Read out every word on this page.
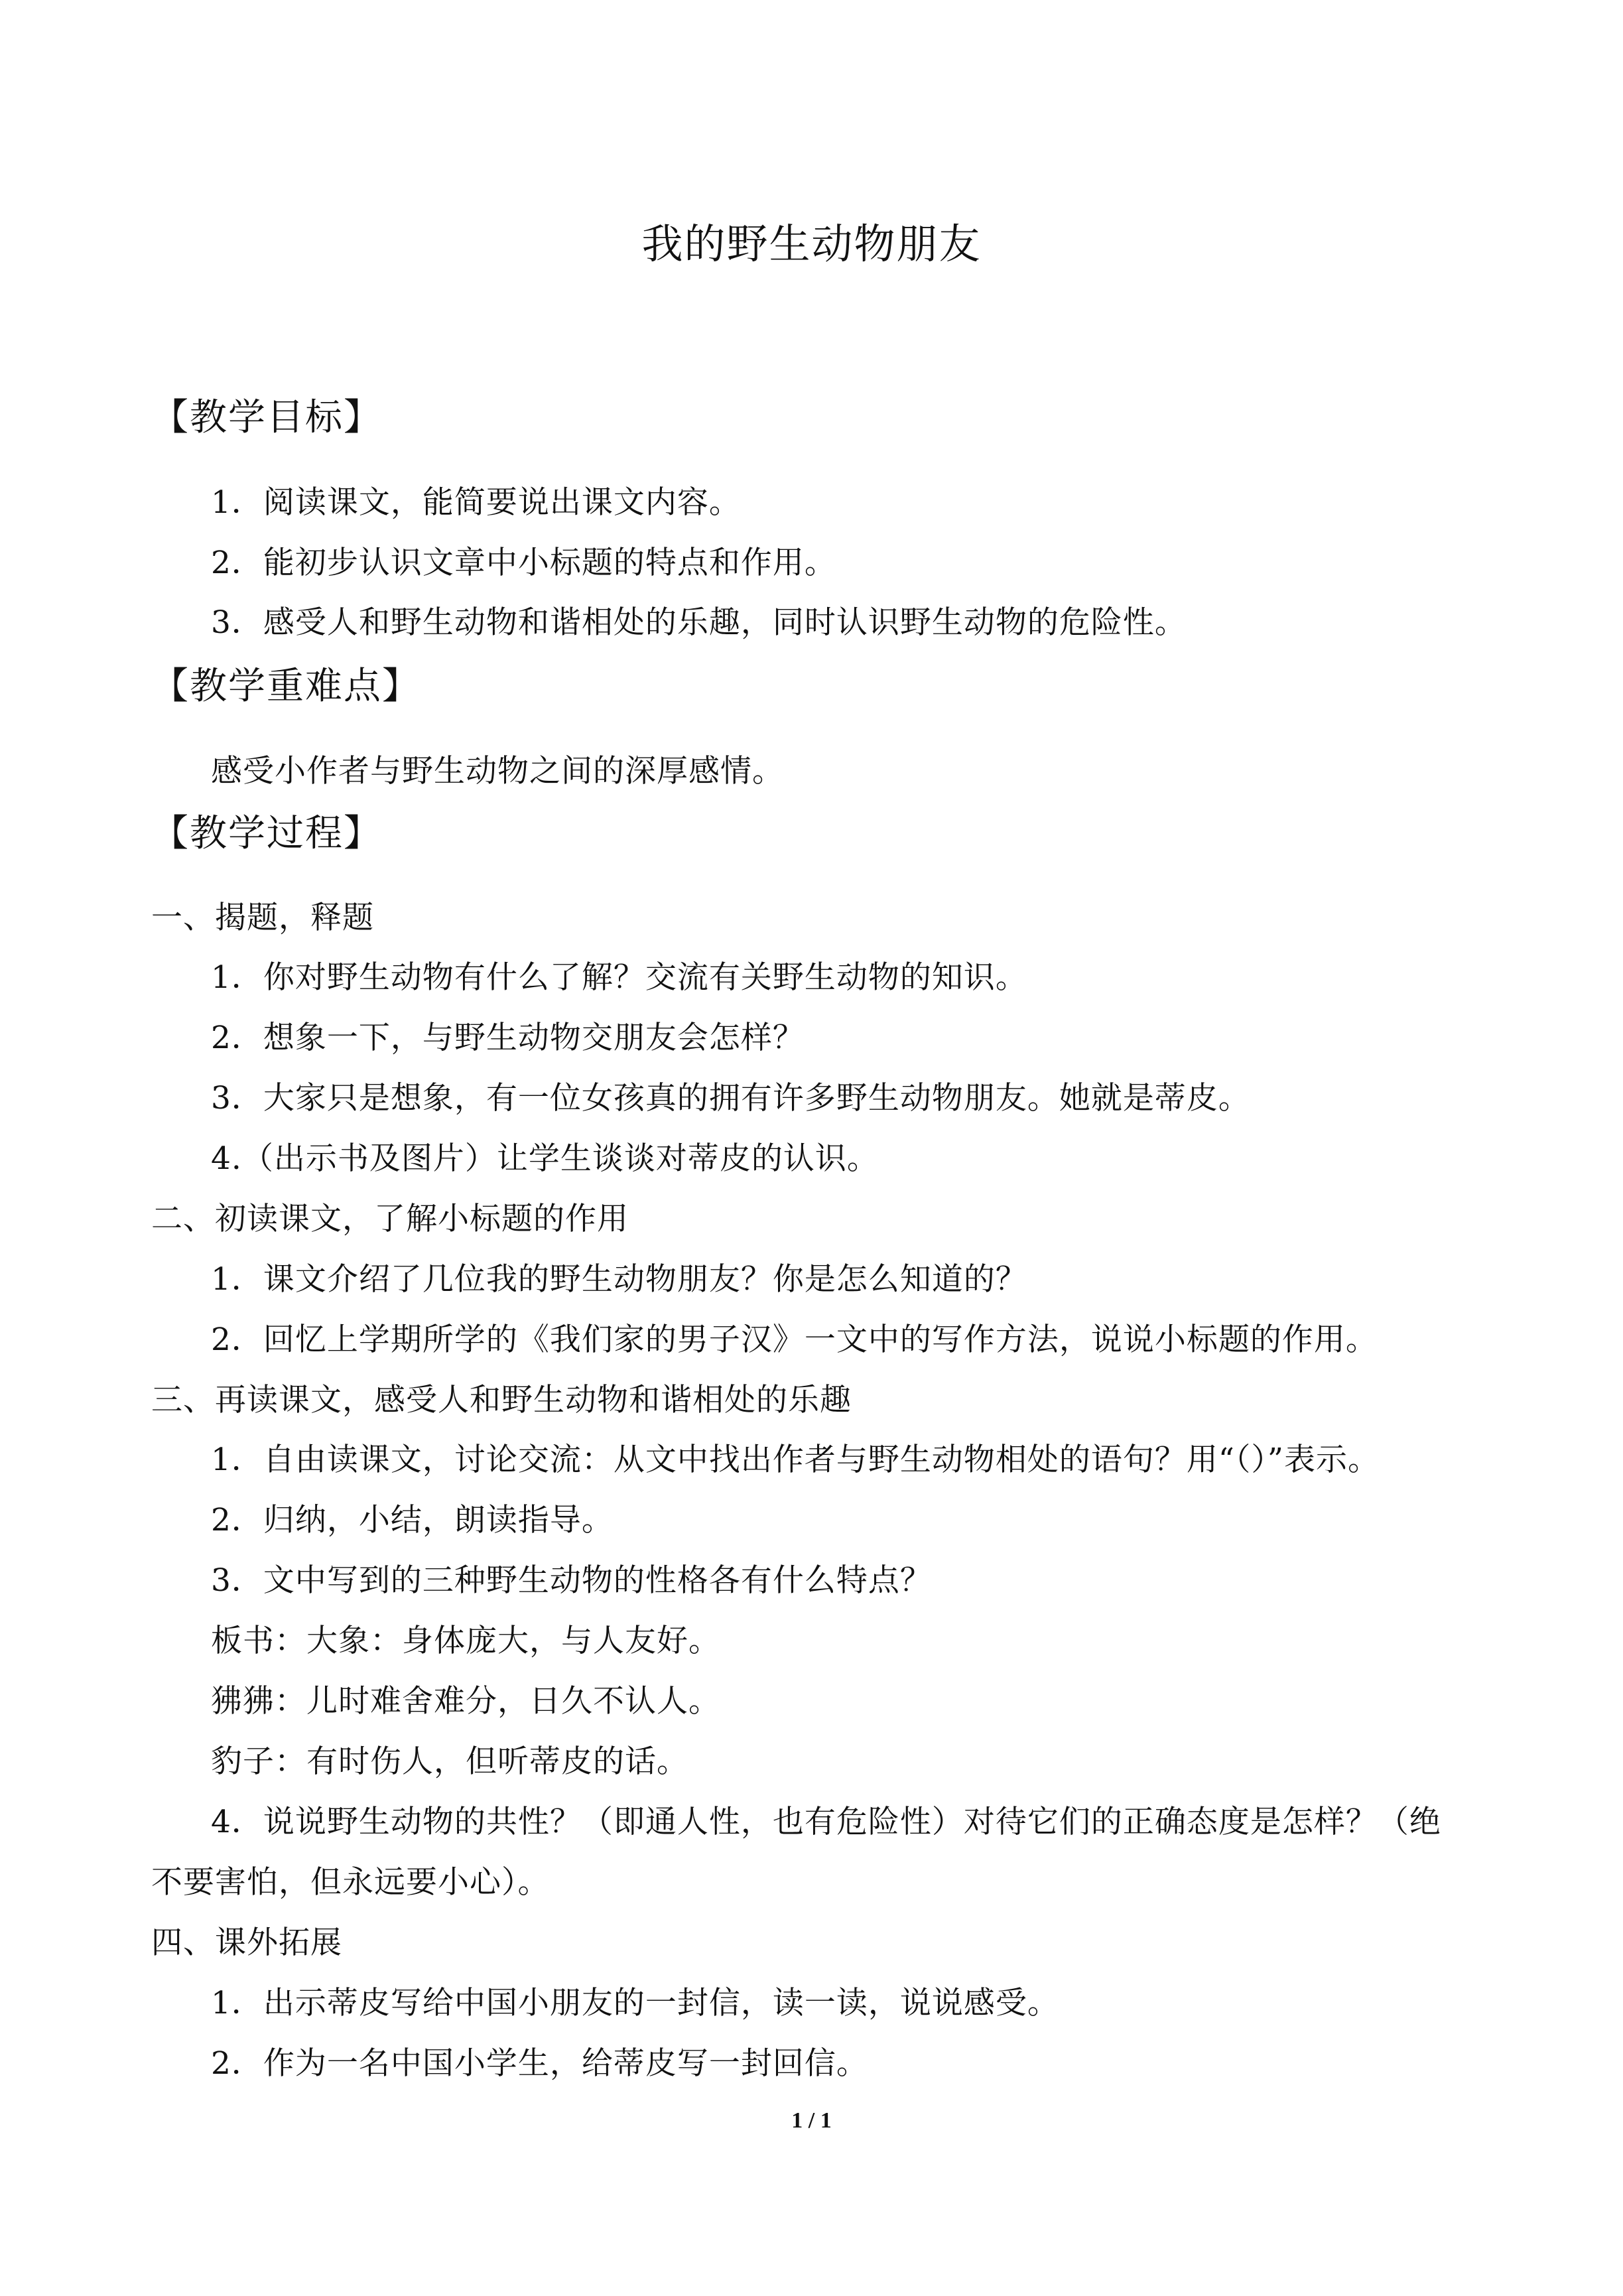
我的野生动物朋友
【教学目标】
1．阅读课文，能简要说出课文内容。
2．能初步认识文章中小标题的特点和作用。
3．感受人和野生动物和谐相处的乐趣，同时认识野生动物的危险性。
【教学重难点】
感受小作者与野生动物之间的深厚感情。
【教学过程】
一、揭题，释题
1．你对野生动物有什么了解？交流有关野生动物的知识。
2．想象一下，与野生动物交朋友会怎样？
3．大家只是想象，有一位女孩真的拥有许多野生动物朋友。她就是蒂皮。
4.（出示书及图片）让学生谈谈对蒂皮的认识。
二、初读课文，了解小标题的作用
1．课文介绍了几位我的野生动物朋友？你是怎么知道的？
2．回忆上学期所学的《我们家的男子汉》一文中的写作方法，说说小标题的作用。
三、再读课文，感受人和野生动物和谐相处的乐趣
1．自由读课文，讨论交流：从文中找出作者与野生动物相处的语句？用“（）”表示。
2．归纳，小结，朗读指导。
3．文中写到的三种野生动物的性格各有什么特点？
板书：大象：身体庞大，与人友好。
狒狒：儿时难舍难分，日久不认人。
豹子：有时伤人，但听蒂皮的话。
4．说说野生动物的共性？（即通人性，也有危险性）对待它们的正确态度是怎样？（绝
不要害怕，但永远要小心）。
四、课外拓展
1．出示蒂皮写给中国小朋友的一封信，读一读，说说感受。
2．作为一名中国小学生，给蒂皮写一封回信。
1 / 1
